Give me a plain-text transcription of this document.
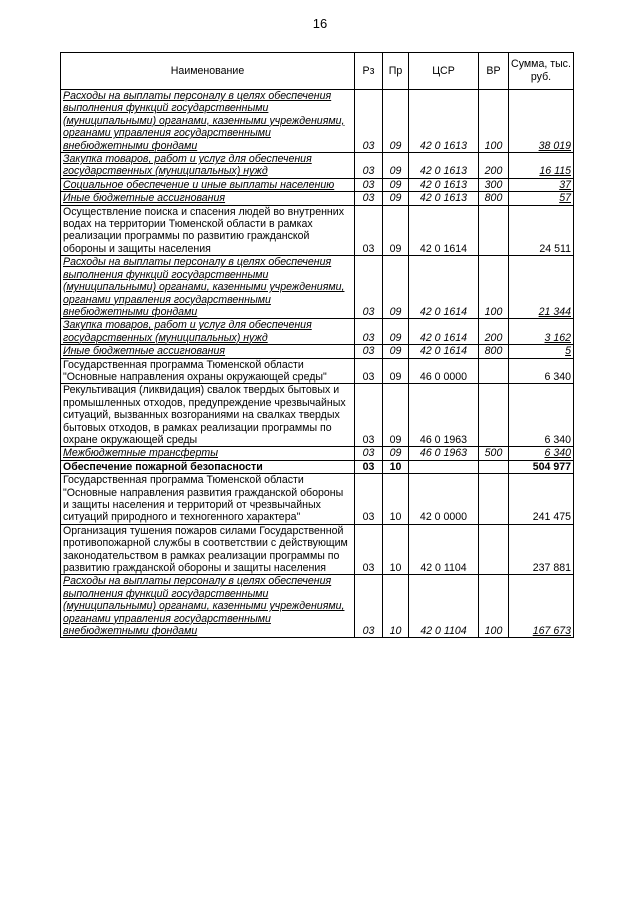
16
Наименование	Рз	Пр	ЦСР	ВР	Сумма, тыс. руб.
Расходы на выплаты персоналу в целях обеспечения выполнения функций государственными (муниципальными) органами, казенными учреждениями, органами управления государственными внебюджетными фондами	03	09	42 0 1613	100	38 019
Закупка товаров, работ и услуг для обеспечения государственных (муниципальных) нужд	03	09	42 0 1613	200	16 115
Социальное обеспечение и иные выплаты населению	03	09	42 0 1613	300	37
Иные бюджетные ассигнования	03	09	42 0 1613	800	57
Осуществление поиска и спасения людей во внутренних водах на территории Тюменской области в рамках реализации программы по развитию гражданской обороны и защиты населения	03	09	42 0 1614		24 511
Расходы на выплаты персоналу в целях обеспечения выполнения функций государственными (муниципальными) органами, казенными учреждениями, органами управления государственными внебюджетными фондами	03	09	42 0 1614	100	21 344
Закупка товаров, работ и услуг для обеспечения государственных (муниципальных) нужд	03	09	42 0 1614	200	3 162
Иные бюджетные ассигнования	03	09	42 0 1614	800	5
Государственная программа Тюменской области "Основные направления охраны окружающей среды"	03	09	46 0 0000		6 340
Рекультивация (ликвидация) свалок твердых бытовых и промышленных отходов, предупреждение чрезвычайных ситуаций, вызванных возгораниями на свалках твердых бытовых отходов, в рамках реализации программы по охране окружающей среды	03	09	46 0 1963		6 340
Межбюджетные трансферты	03	09	46 0 1963	500	6 340
Обеспечение пожарной безопасности	03	10			504 977
Государственная программа Тюменской области "Основные направления развития гражданской обороны и защиты населения и территорий от чрезвычайных ситуаций природного и техногенного характера"	03	10	42 0 0000		241 475
Организация тушения пожаров силами Государственной противопожарной службы в соответствии с действующим законодательством в рамках реализации программы по развитию гражданской обороны и защиты населения	03	10	42 0 1104		237 881
Расходы на выплаты персоналу в целях обеспечения выполнения функций государственными (муниципальными) органами, казенными учреждениями, органами управления государственными внебюджетными фондами	03	10	42 0 1104	100	167 673
